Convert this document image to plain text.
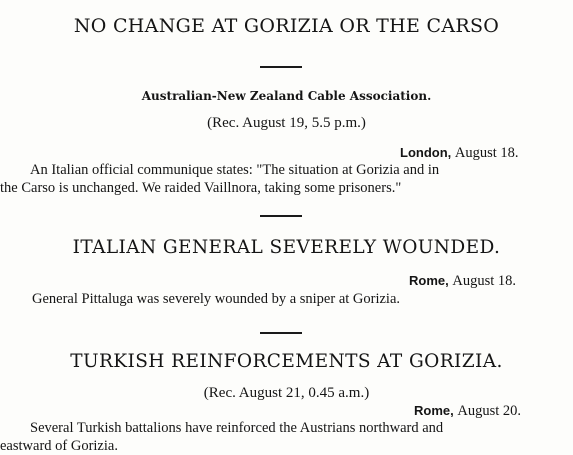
NO CHANGE AT GORIZIA OR THE CARSO
Australian-New Zealand Cable Association.
(Rec. August 19, 5.5 p.m.)
London, August 18.
An Italian official communique states: "The situation at Gorizia and in
the Carso is unchanged. We raided Vaillnora, taking some prisoners."
ITALIAN GENERAL SEVERELY WOUNDED.
Rome, August 18.
General Pittaluga was severely wounded by a sniper at Gorizia.
TURKISH REINFORCEMENTS AT GORIZIA.
(Rec. August 21, 0.45 a.m.)
Rome, August 20.
Several Turkish battalions have reinforced the Austrians northward and
eastward of Gorizia.
